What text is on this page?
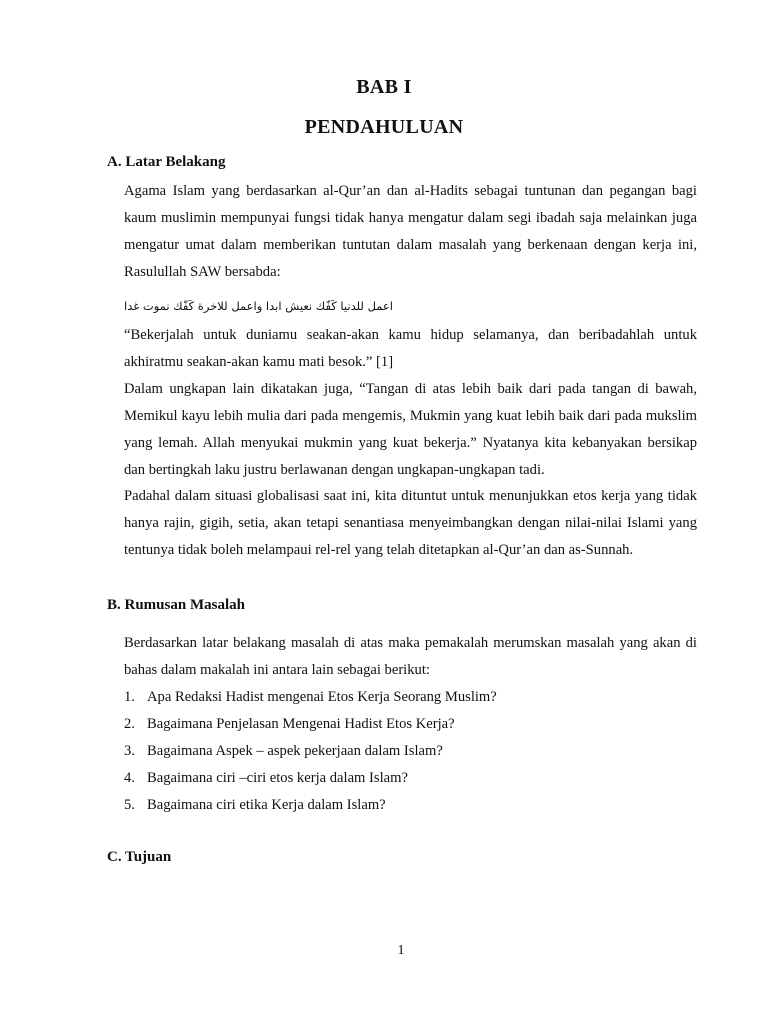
BAB I
PENDAHULUAN
A. Latar Belakang
Agama Islam yang berdasarkan al-Qur’an dan al-Hadits sebagai tuntunan dan pegangan bagi kaum muslimin mempunyai fungsi tidak hanya mengatur dalam segi ibadah saja melainkan juga mengatur umat dalam memberikan tuntutan dalam masalah yang berkenaan dengan kerja ini, Rasulullah SAW bersabda:
اعمل للدنيا كَفّك نعيش ابدا واعمل للاخرة كَفّك نموت غدا
“Bekerjalah untuk duniamu seakan-akan kamu hidup selamanya, dan beribadahlah untuk akhiratmu seakan-akan kamu mati besok.” [1]
Dalam ungkapan lain dikatakan juga, “Tangan di atas lebih baik dari pada tangan di bawah, Memikul kayu lebih mulia dari pada mengemis, Mukmin yang kuat lebih baik dari pada mukslim yang lemah. Allah menyukai mukmin yang kuat bekerja.” Nyatanya kita kebanyakan bersikap dan bertingkah laku justru berlawanan dengan ungkapan-ungkapan tadi.
Padahal dalam situasi globalisasi saat ini, kita dituntut untuk menunjukkan etos kerja yang tidak hanya rajin, gigih, setia, akan tetapi senantiasa menyeimbangkan dengan nilai-nilai Islami yang tentunya tidak boleh melampaui rel-rel yang telah ditetapkan al-Qur’an dan as-Sunnah.
B. Rumusan Masalah
Berdasarkan latar belakang masalah di atas maka pemakalah merumskan masalah yang akan di bahas dalam makalah ini antara lain sebagai berikut:
1. Apa Redaksi Hadist mengenai Etos Kerja Seorang Muslim?
2. Bagaimana Penjelasan Mengenai Hadist Etos Kerja?
3. Bagaimana Aspek – aspek pekerjaan dalam Islam?
4. Bagaimana ciri –ciri etos kerja dalam Islam?
5. Bagaimana ciri etika Kerja dalam Islam?
C. Tujuan
1
